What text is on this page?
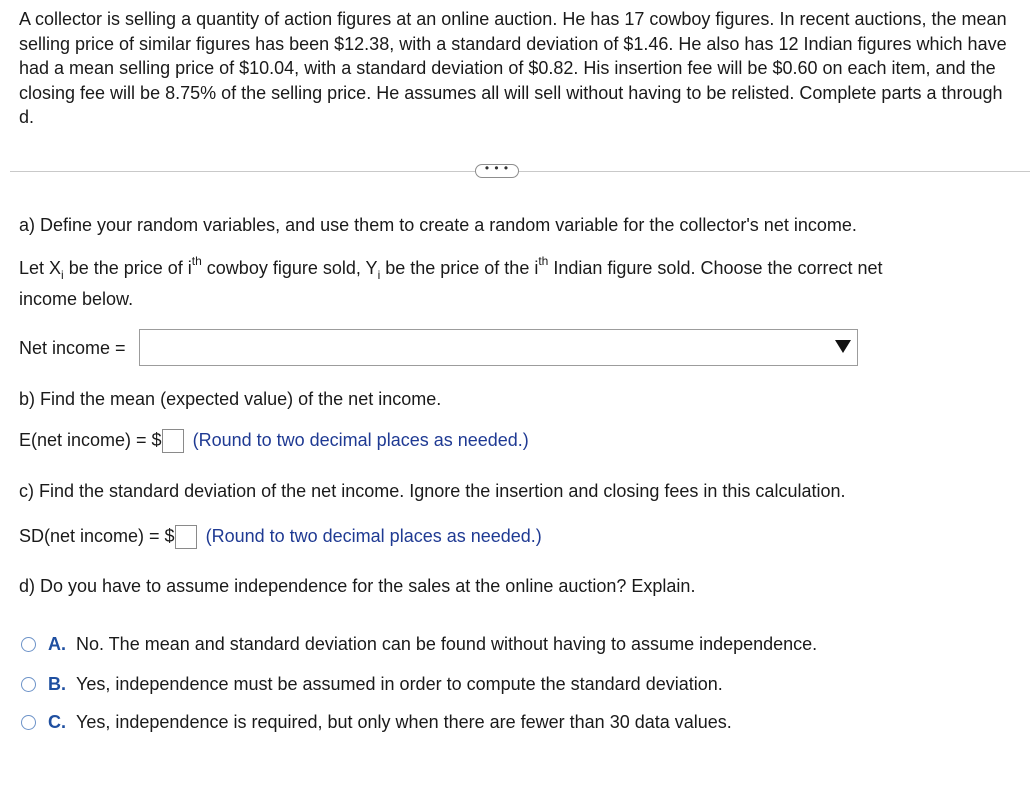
A collector is selling a quantity of action figures at an online auction. He has 17 cowboy figures. In recent auctions, the mean selling price of similar figures has been $12.38, with a standard deviation of $1.46. He also has 12 Indian figures which have had a mean selling price of $10.04, with a standard deviation of $0.82. His insertion fee will be $0.60 on each item, and the closing fee will be 8.75% of the selling price. He assumes all will sell without having to be relisted. Complete parts a through d.
• • •
a) Define your random variables, and use them to create a random variable for the collector's net income.
Let $X_i$ be the price of $i^{th}$ cowboy figure sold, $Y_i$ be the price of the $i^{th}$ Indian figure sold. Choose the correct net
income below.
Net income =
b) Find the mean (expected value) of the net income.
E(net income) = $ (Round to two decimal places as needed.)
c) Find the standard deviation of the net income. Ignore the insertion and closing fees in this calculation.
SD(net income) = $ (Round to two decimal places as needed.)
d) Do you have to assume independence for the sales at the online auction? Explain.
A. No. The mean and standard deviation can be found without having to assume independence.
B. Yes, independence must be assumed in order to compute the standard deviation.
C. Yes, independence is required, but only when there are fewer than 30 data values.
